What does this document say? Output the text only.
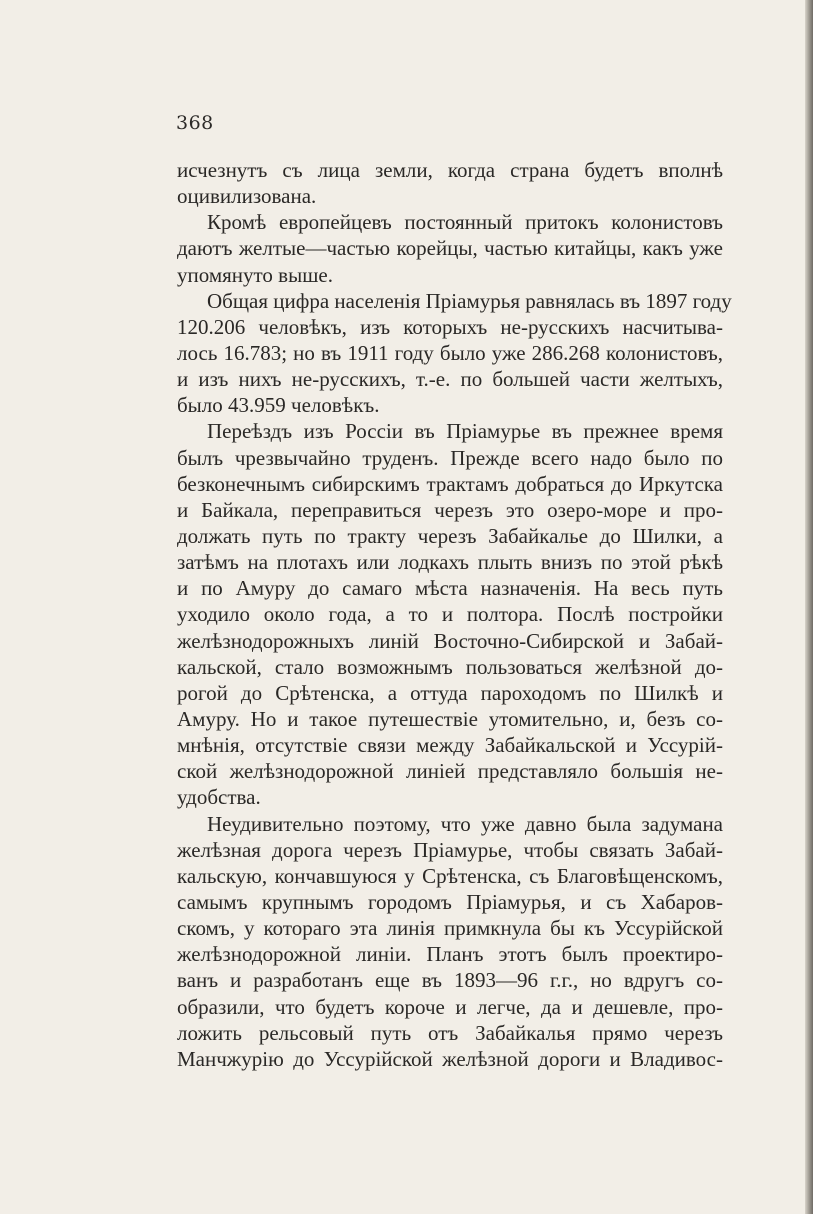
368
исчезнутъ съ лица земли, когда страна будетъ вполнѣ
оцивилизована.
Кромѣ европейцевъ постоянный притокъ колонистовъ
даютъ желтые—частью корейцы, частью китайцы, какъ уже
упомянуто выше.
Общая цифра населенія Пріамурья равнялась въ 1897 году
120.206 человѣкъ, изъ которыхъ не-русскихъ насчитыва-
лось 16.783; но въ 1911 году было уже 286.268 колонистовъ,
и изъ нихъ не-русскихъ, т.-е. по большей части желтыхъ,
было 43.959 человѣкъ.
Переѣздъ изъ Россіи въ Пріамурье въ прежнее время
былъ чрезвычайно труденъ. Прежде всего надо было по
безконечнымъ сибирскимъ трактамъ добраться до Иркутска
и Байкала, переправиться черезъ это озеро-море и про-
должать путь по тракту черезъ Забайкалье до Шилки, а
затѣмъ на плотахъ или лодкахъ плыть внизъ по этой рѣкѣ
и по Амуру до самаго мѣста назначенія. На весь путь
уходило около года, а то и полтора. Послѣ постройки
желѣзнодорожныхъ линій Восточно-Сибирской и Забай-
кальской, стало возможнымъ пользоваться желѣзной до-
рогой до Срѣтенска, а оттуда пароходомъ по Шилкѣ и
Амуру. Но и такое путешествіе утомительно, и, безъ со-
мнѣнія, отсутствіе связи между Забайкальской и Уссурій-
ской желѣзнодорожной линіей представляло большія не-
удобства.
Неудивительно поэтому, что уже давно была задумана
желѣзная дорога черезъ Пріамурье, чтобы связать Забай-
кальскую, кончавшуюся у Срѣтенска, съ Благовѣщенскомъ,
самымъ крупнымъ городомъ Пріамурья, и съ Хабаров-
скомъ, у котораго эта линія примкнула бы къ Уссурійской
желѣзнодорожной линіи. Планъ этотъ былъ проектиро-
ванъ и разработанъ еще въ 1893—96 г.г., но вдругъ со-
образили, что будетъ короче и легче, да и дешевле, про-
ложить рельсовый путь отъ Забайкалья прямо черезъ
Манчжурію до Уссурійской желѣзной дороги и Владивос-
